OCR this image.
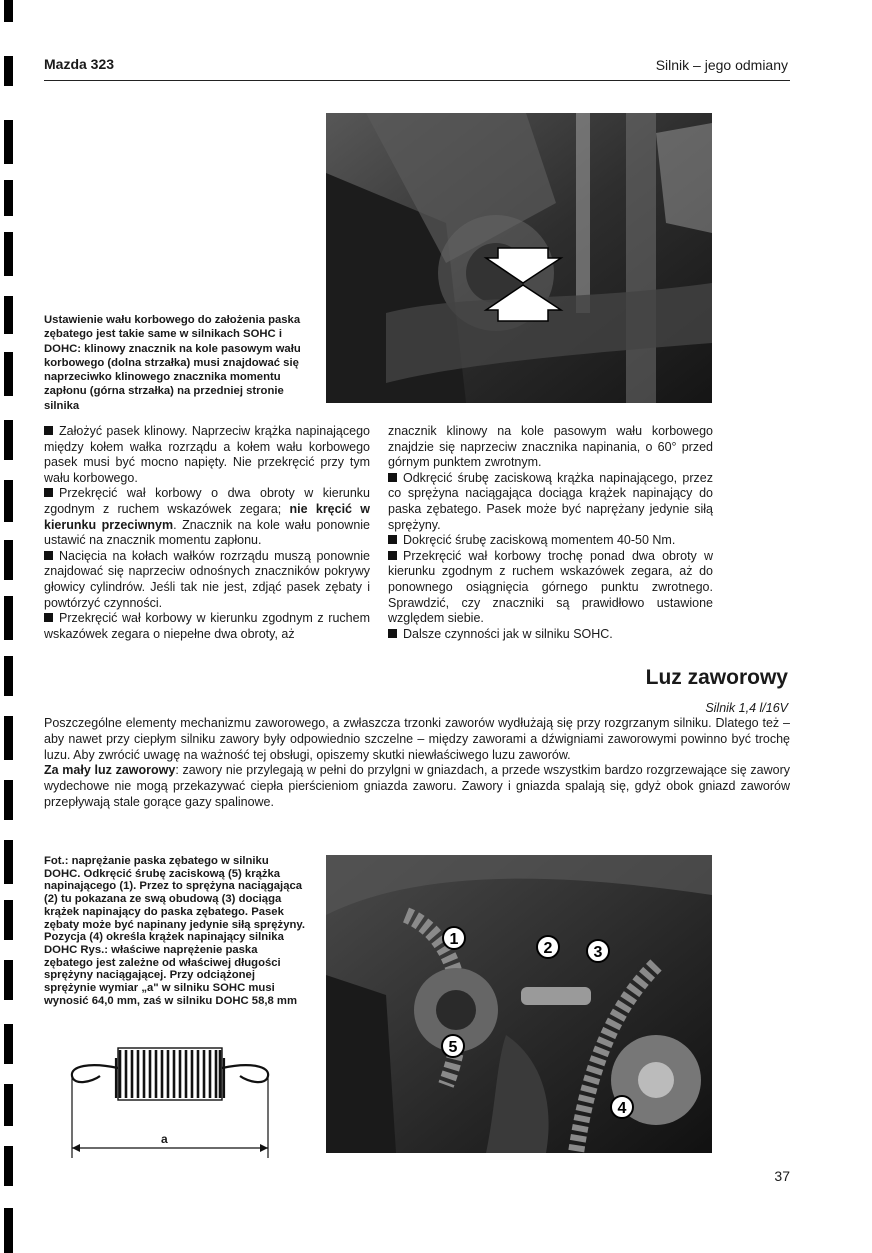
Mazda 323	Silnik – jego odmiany
Ustawienie wału korbowego do założenia paska zębatego jest takie same w silnikach SOHC i DOHC: klinowy znacznik na kole pasowym wału korbowego (dolna strzałka) musi znajdować się naprzeciwko klinowego znacznika momentu zapłonu (górna strzałka) na przedniej stronie silnika

Założyć pasek klinowy. Naprzeciw krążka napinającego między kołem wałka rozrządu a kołem wału korbowego pasek musi być mocno napięty. Nie przekręcić przy tym wału korbowego.

Przekręcić wał korbowy o dwa obroty w kierunku zgodnym z ruchem wskazówek zegara; nie kręcić w kierunku przeciwnym. Znacznik na kole wału ponownie ustawić na znacznik momentu zapłonu.

Nacięcia na kołach wałków rozrządu muszą ponownie znajdować się naprzeciw odnośnych znaczników pokrywy głowicy cylindrów. Jeśli tak nie jest, zdjąć pasek zębaty i powtórzyć czynności.

Przekręcić wał korbowy w kierunku zgodnym z ruchem wskazówek zegara o niepełne dwa obroty, aż

znacznik klinowy na kole pasowym wału korbowego znajdzie się naprzeciw znacznika napinania, o 60° przed górnym punktem zwrotnym.

Odkręcić śrubę zaciskową krążka napinającego, przez co sprężyna naciągająca dociąga krążek napinający do paska zębatego. Pasek może być naprężany jedynie siłą sprężyny.

Dokręcić śrubę zaciskową momentem 40-50 Nm.

Przekręcić wał korbowy trochę ponad dwa obroty w kierunku zgodnym z ruchem wskazówek zegara, aż do ponownego osiągnięcia górnego punktu zwrotnego. Sprawdzić, czy znaczniki są prawidłowo ustawione względem siebie.

Dalsze czynności jak w silniku SOHC.

Luz zaworowy
Silnik 1,4 l/16V

Poszczególne elementy mechanizmu zaworowego, a zwłaszcza trzonki zaworów wydłużają się przy rozgrzanym silniku. Dlatego też – aby nawet przy ciepłym silniku zawory były odpowiednio szczelne – między zaworami a dźwigniami zaworowymi powinno być trochę luzu. Aby zwrócić uwagę na ważność tej obsługi, opiszemy skutki niewłaściwego luzu zaworów.

Za mały luz zaworowy: zawory nie przylegają w pełni do przylgni w gniazdach, a przede wszystkim bardzo rozgrzewające się zawory wydechowe nie mogą przekazywać ciepła pierścieniom gniazda zaworu. Zawory i gniazda spalają się, gdyż obok gniazd zaworów przepływają stale gorące gazy spalinowe.

Fot.: naprężanie paska zębatego w silniku DOHC. Odkręcić śrubę zaciskową (5) krążka napinającego (1). Przez to sprężyna naciągająca (2) tu pokazana ze swą obudową (3) dociąga krążek napinający do paska zębatego. Pasek zębaty może być napinany jedynie siłą sprężyny. Pozycja (4) określa krążek napinający silnika DOHC Rys.: właściwe naprężenie paska zębatego jest zależne od właściwej długości sprężyny naciągającej. Przy odciążonej sprężynie wymiar „a" w silniku SOHC musi wynosić 64,0 mm, zaś w silniku DOHC 58,8 mm
a
1
2	3
4
5
37
